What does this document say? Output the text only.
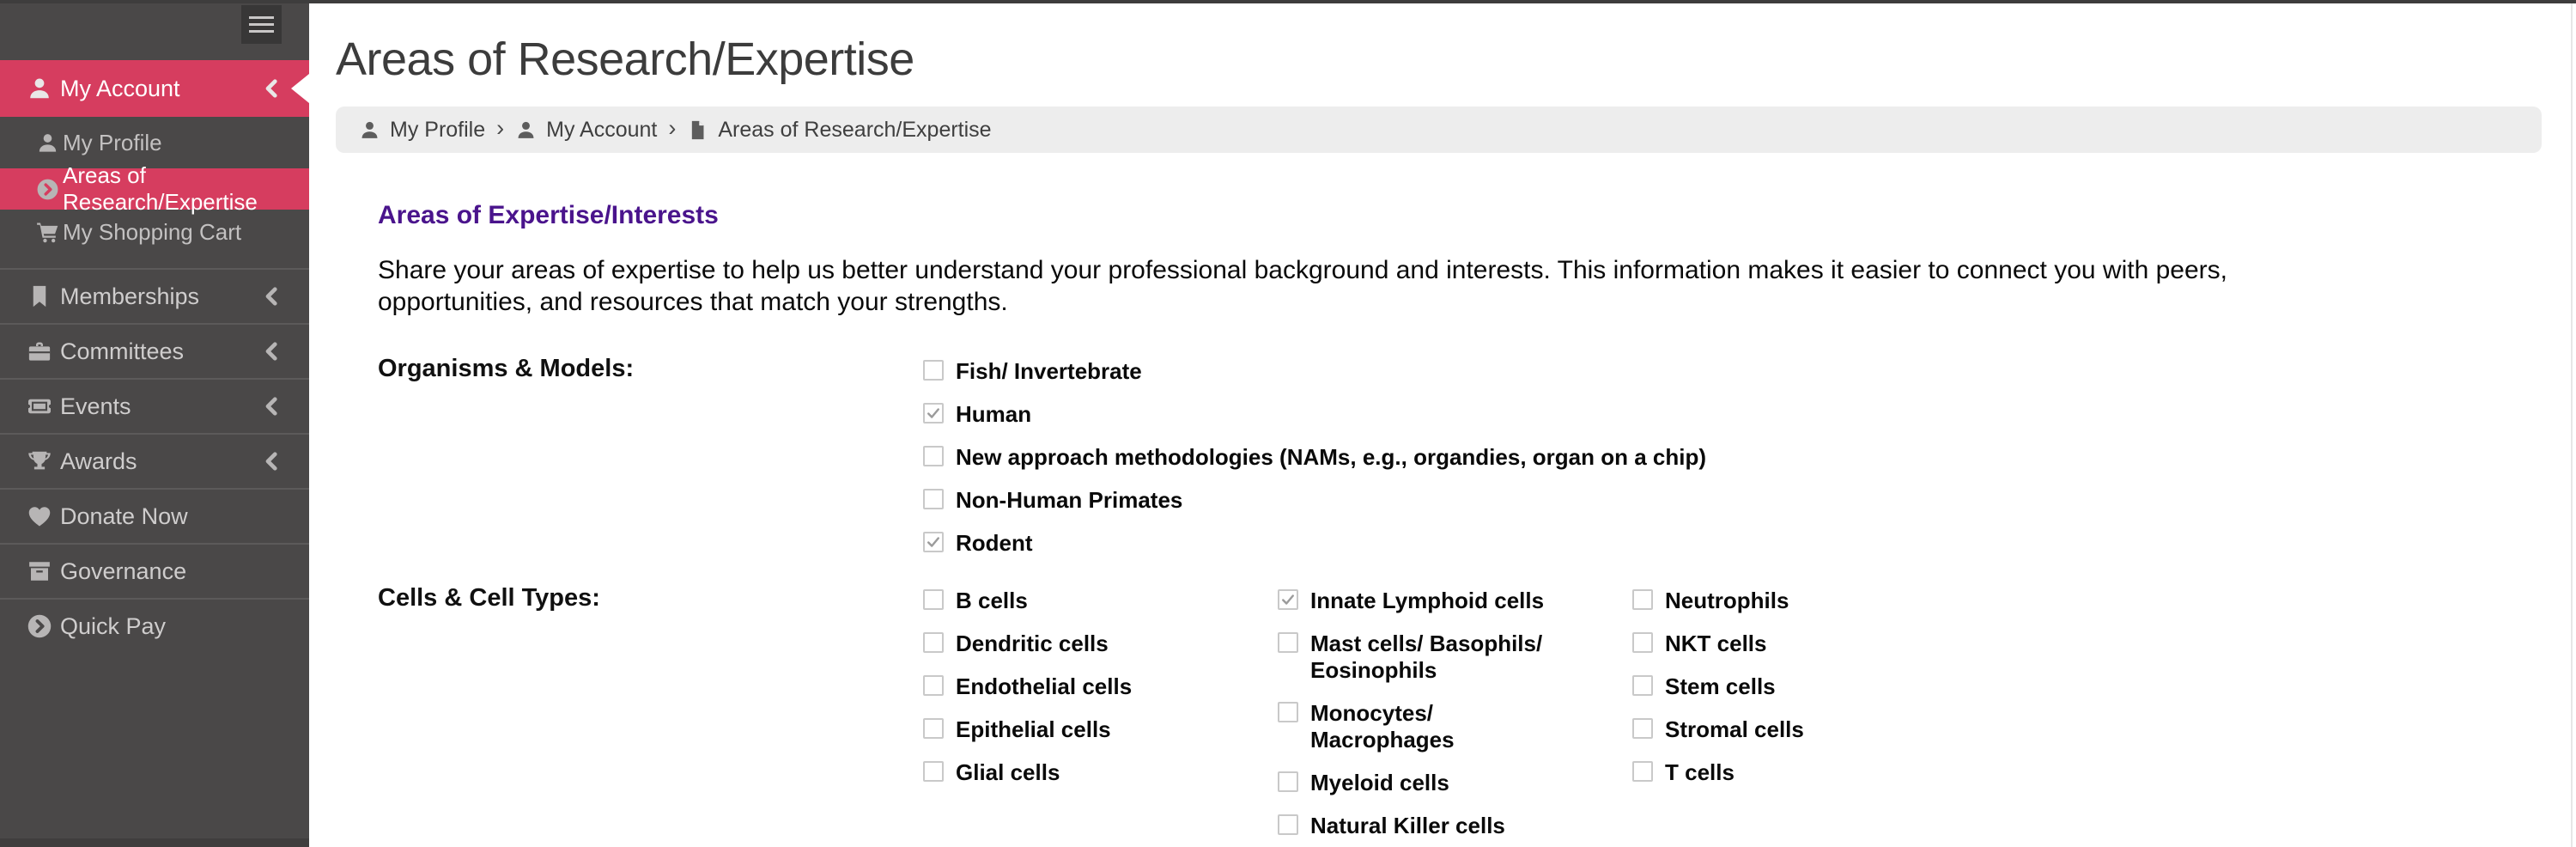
My Account
My Profile
Areas of Research/Expertise
My Shopping Cart
Memberships
Committees
Events
Awards
Donate Now
Governance
Quick Pay
Areas of Research/Expertise
My Profile ›	My Account ›	Areas of Research/Expertise
Areas of Expertise/Interests

Share your areas of expertise to help us better understand your professional background and interests. This information makes it easier to connect you with peers, opportunities, and resources that match your strengths.

Organisms & Models:	Fish/ Invertebrate
Human
New approach methodologies (NAMs, e.g., organdies, organ on a chip)
Non-Human Primates
Rodent
Cells & Cell Types:	B cells
Dendritic cells
Endothelial cells
Epithelial cells
Glial cells
Innate Lymphoid cells
Mast cells/ Basophils/ Eosinophils
Monocytes/ Macrophages
Myeloid cells
Natural Killer cells
Neutrophils
NKT cells
Stem cells
Stromal cells
T cells
